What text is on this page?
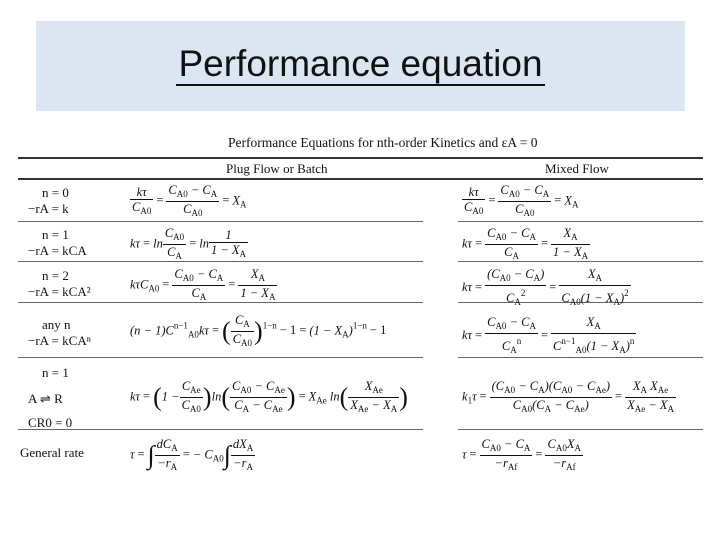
Performance equation
Performance Equations for nth-order Kinetics and εA = 0
Plug Flow or Batch	Mixed Flow
n = 0
−rA = k
n = 1
−rA = kCA
n = 2
−rA = kCA²
any n
−rA = kCAⁿ
n = 1
A ⇌ R
CR0 = 0
General rate
$\frac{k\tau}{C_{A0}} = \frac{C_{A0} - C_A}{C_{A0}} = X_A$
$k\tau = \ln \frac{C_{A0}}{C_A} = \ln \frac{1}{1 - X_A}$
$k\tau C_{A0} = \frac{C_{A0} - C_A}{C_A} = \frac{X_A}{1 - X_A}$
$(n - 1)C^{n-1}_{A0}k\tau$ = ( $\frac{C_A}{C_{A0}} )^{1-n} - 1 = (1 - X_A)^{1-n} - 1$
$k\tau = (1 - \frac{C_{Ae}}{C_{A0}} )\ln( \frac{C_{A0} - C_{Ae}}{C_A - C_{Ae}}$ ) = $X_{Ae}$ $\ln( \frac{X_{Ae}}{X_{Ae} - X_A}$ )
τ = ∫ $\frac{dC_A}{-r_A}$ = − $C_{A0}\int \frac{dX_A}{-r_A}$
$\frac{k\tau}{C_{A0}} = \frac{C_{A0} - C_A}{C_{A0}} = X_A$
$k\tau = \frac{C_{A0} - C_A}{C_A} = \frac{X_A}{1 - X_A}$
$k\tau = \frac{(C_{A0} - C_A)}{C_A^2} = \frac{X_A}{C_{A0}(1 - X_A)^2}$
$k\tau = \frac{C_{A0} - C_A}{C_A^n} = \frac{X_A}{C^{n-1}_{A0}(1 - X_A)^n}$
$k_1\tau = \frac{(C_{A0} - C_A)(C_{A0} - C_{Ae})}{C_{A0}(C_A - C_{Ae})} = \frac{X_A X_{Ae}}{X_{Ae} - X_A}$
$\tau = \frac{C_{A0} - C_A}{-r_{Af}} = \frac{C_{A0}X_A}{-r_{Af}}$
